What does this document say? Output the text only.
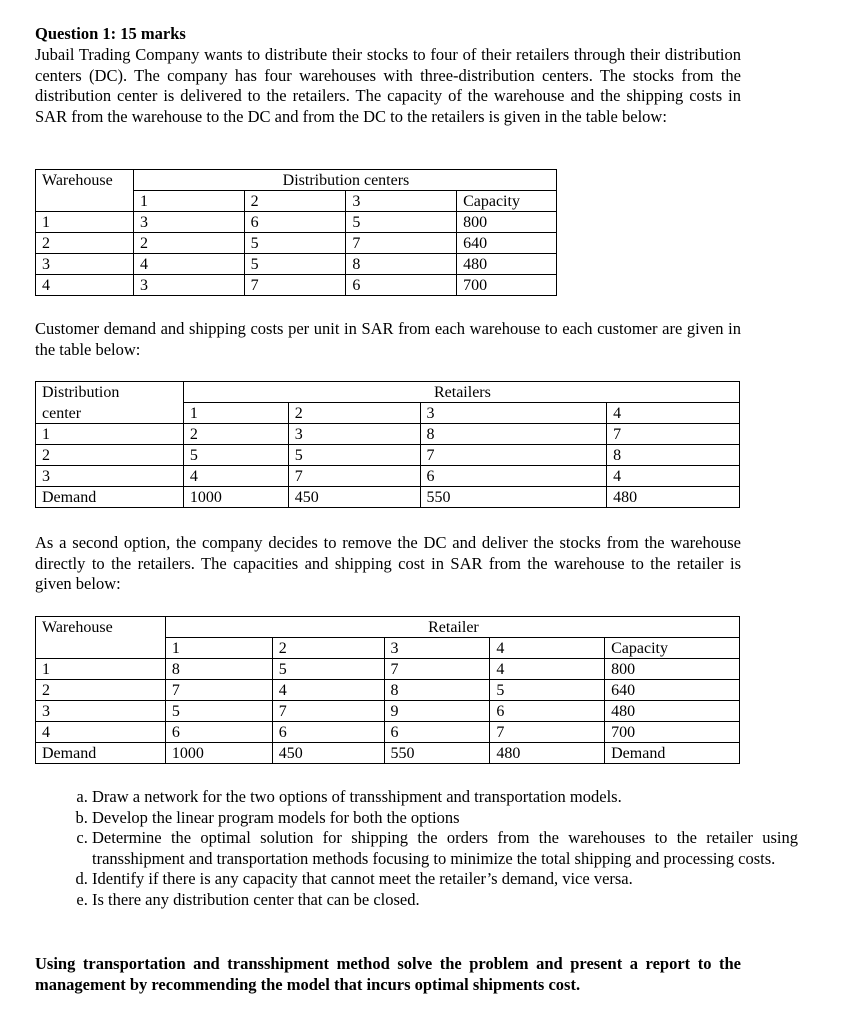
Question 1: 15 marks
Jubail Trading Company wants to distribute their stocks to four of their retailers through their distribution centers (DC). The company has four warehouses with three-distribution centers. The stocks from the distribution center is delivered to the retailers. The capacity of the warehouse and the shipping costs in SAR from the warehouse to the DC and from the DC to the retailers is given in the table below:
Warehouse	Distribution centers			
	1	2	3	Capacity
1	3	6	5	800
2	2	5	7	640
3	4	5	8	480
4	3	7	6	700
Customer demand and shipping costs per unit in SAR from each warehouse to each customer are given in the table below:
Distribution	Retailers			
center	1	2	3	4
1	2	3	8	7
2	5	5	7	8
3	4	7	6	4
Demand	1000	450	550	480
As a second option, the company decides to remove the DC and deliver the stocks from the warehouse directly to the retailers. The capacities and shipping cost in SAR from the warehouse to the retailer is given below:
Warehouse	Retailer				
	1	2	3	4	Capacity
1	8	5	7	4	800
2	7	4	8	5	640
3	5	7	9	6	480
4	6	6	6	7	700
Demand	1000	450	550	480	Demand
a. Draw a network for the two options of transshipment and transportation models.
b. Develop the linear program models for both the options
c. Determine the optimal solution for shipping the orders from the warehouses to the retailer using transshipment and transportation methods focusing to minimize the total shipping and processing costs.
d. Identify if there is any capacity that cannot meet the retailer’s demand, vice versa.
e. Is there any distribution center that can be closed.
Using transportation and transshipment method solve the problem and present a report to the management by recommending the model that incurs optimal shipments cost.
